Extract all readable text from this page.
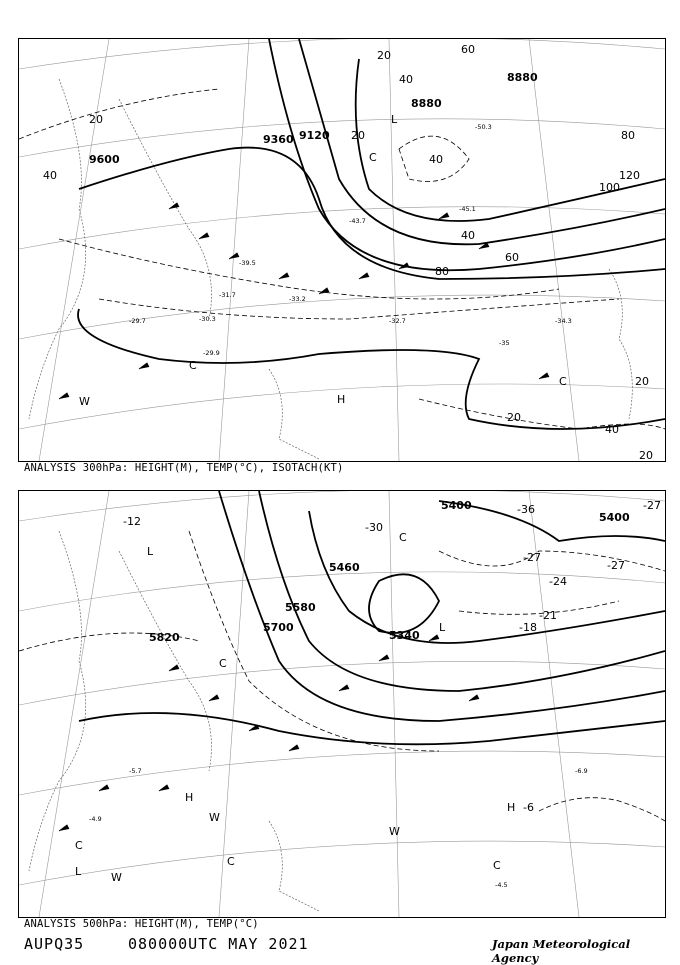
9600
9360 9120
8880
8880
20
40
20
40
60
80
100
120
20
40
60
80
40
20
20
40
20
-29.7	-30.3
-31.7	-33.2
-34.3
-35
-39.5
-43.7
-45.1
-50.3
-32.7
-29.9
L
C
C
H
W
C
ANALYSIS 300hPa: HEIGHT(M), TEMP(°C), ISOTACH(KT)
5820
5700
5580
5460
5340
5400
5400
-12	-30
-27
-24
-21
-18
-27
-36	-27
-6
-4.5
-6.9
-5.7
-4.9
L
L
C
C
C
C
H
H
W
W
W
C
L
ANALYSIS 500hPa: HEIGHT(M), TEMP(°C)
AUPQ35	080000UTC MAY 2021	Japan Meteorological Agency
